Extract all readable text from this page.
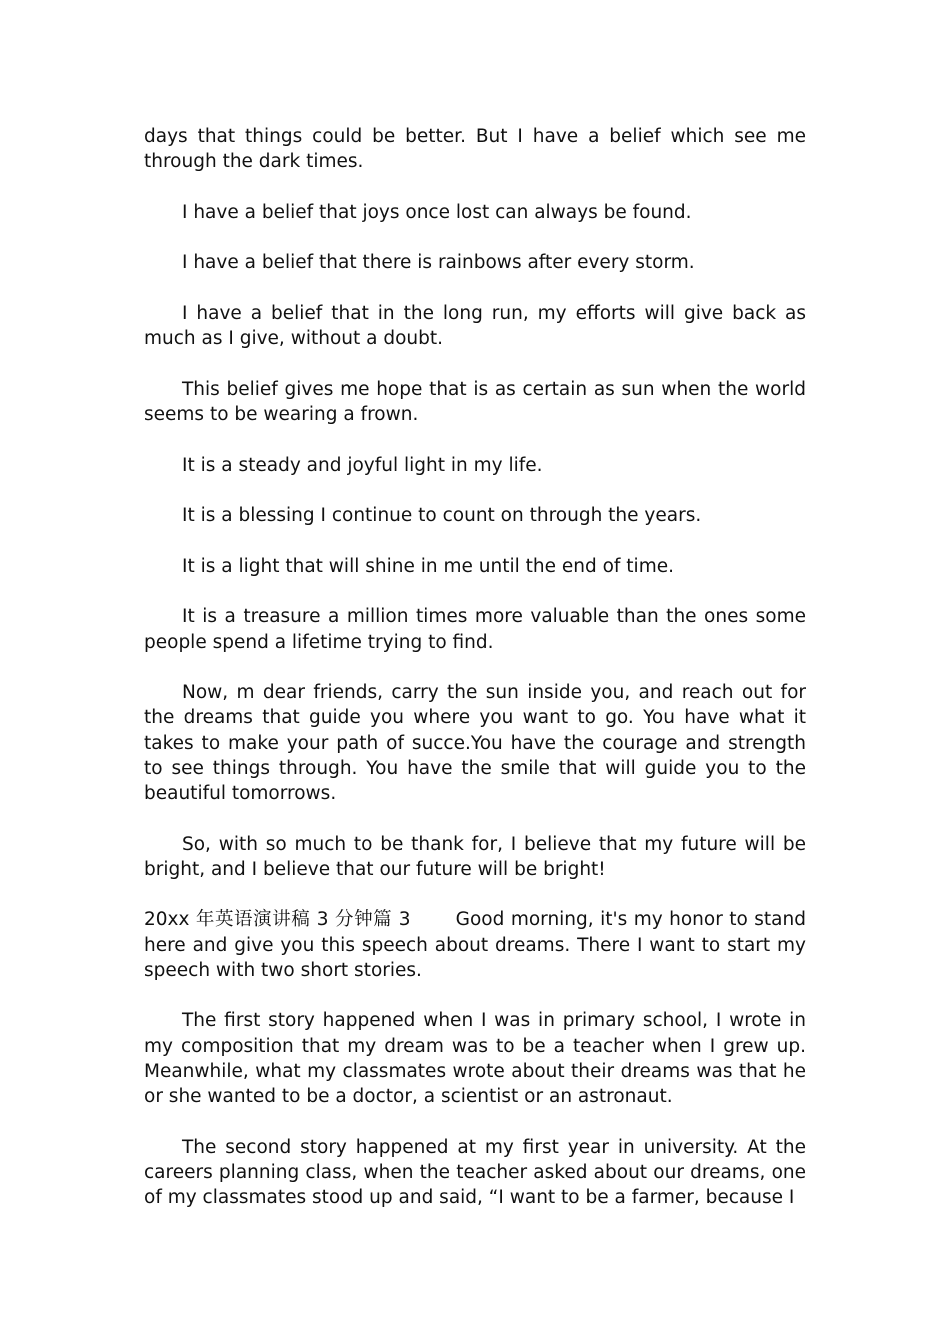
days that things could be better. But I have a belief which see me through the dark times.

I have a belief that joys once lost can always be found.

I have a belief that there is rainbows after every storm.

I have a belief that in the long run, my efforts will give back as much as I give, without a doubt.

This belief gives me hope that is as certain as sun when the world seems to be wearing a frown.

It is a steady and joyful light in my life.

It is a blessing I continue to count on through the years.

It is a light that will shine in me until the end of time.

It is a treasure a million times more valuable than the ones some people spend a lifetime trying to find.

Now, m dear friends, carry the sun inside you, and reach out for the dreams that guide you where you want to go. You have what it takes to make your path of succe.You have the courage and strength to see things through. You have the smile that will guide you to the beautiful tomorrows.

So, with so much to be thank for, I believe that my future will be bright, and I believe that our future will be bright!

20xx 年英语演讲稿 3 分钟篇 3 Good morning, it's my honor to stand here and give you this speech about dreams. There I want to start my speech with two short stories.

The first story happened when I was in primary school, I wrote in my composition that my dream was to be a teacher when I grew up. Meanwhile, what my classmates wrote about their dreams was that he or she wanted to be a doctor, a scientist or an astronaut.

The second story happened at my first year in university. At the careers planning class, when the teacher asked about our dreams, one of my classmates stood up and said, “I want to be a farmer, because I
